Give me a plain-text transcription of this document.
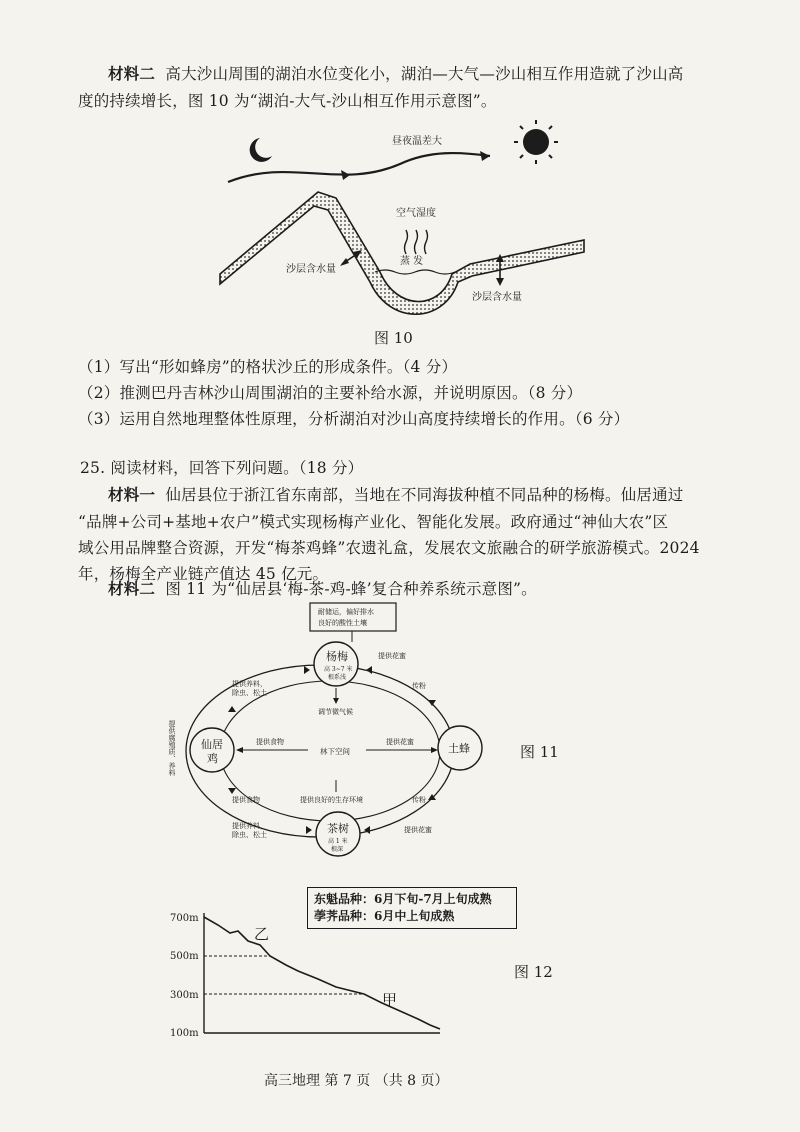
材料二 高大沙山周围的湖泊水位变化小，湖泊—大气—沙山相互作用造就了沙山高
度的持续增长，图 10 为“湖泊-大气-沙山相互作用示意图”。
昼夜温差大
空气湿度
蒸 发
沙层含水量
沙层含水量
图 10
（1）写出“形如蜂房”的格状沙丘的形成条件。（4 分）
（2）推测巴丹吉林沙山周围湖泊的主要补给水源，并说明原因。（8 分）
（3）运用自然地理整体性原理，分析湖泊对沙山高度持续增长的作用。（6 分）
25. 阅读材料，回答下列问题。（18 分）
材料一 仙居县位于浙江省东南部，当地在不同海拔种植不同品种的杨梅。仙居通过
“品牌+公司+基地+农户”模式实现杨梅产业化、智能化发展。政府通过“神仙大农”区
域公用品牌整合资源，开发“梅茶鸡蜂”农遗礼盒，发展农文旅融合的研学旅游模式。2024
年，杨梅全产业链产值达 45 亿元。
材料二 图 11 为“仙居县‘梅-茶-鸡-蜂’复合种养系统示意图”。
耐储运，偏好排水
良好的酸性土壤
杨梅
高 3~7 米
根系浅
仙居
鸡
土蜂
茶树
高 1 米
根深
林下空间
调节微气候
提供良好的生存环境
提供食物	提供花蜜
提供花蜜
传粉
传粉
提供花蜜
提供食物
提供养料，
除虫、松土
提供养料，
除虫、松土
提供腐殖质、养料	图 11
东魁品种：6月下旬-7月上旬成熟
荸荠品种：6月中上旬成熟
700m
500m
300m
100m
乙
甲
图 12
高三地理 第 7 页 （共 8 页）
